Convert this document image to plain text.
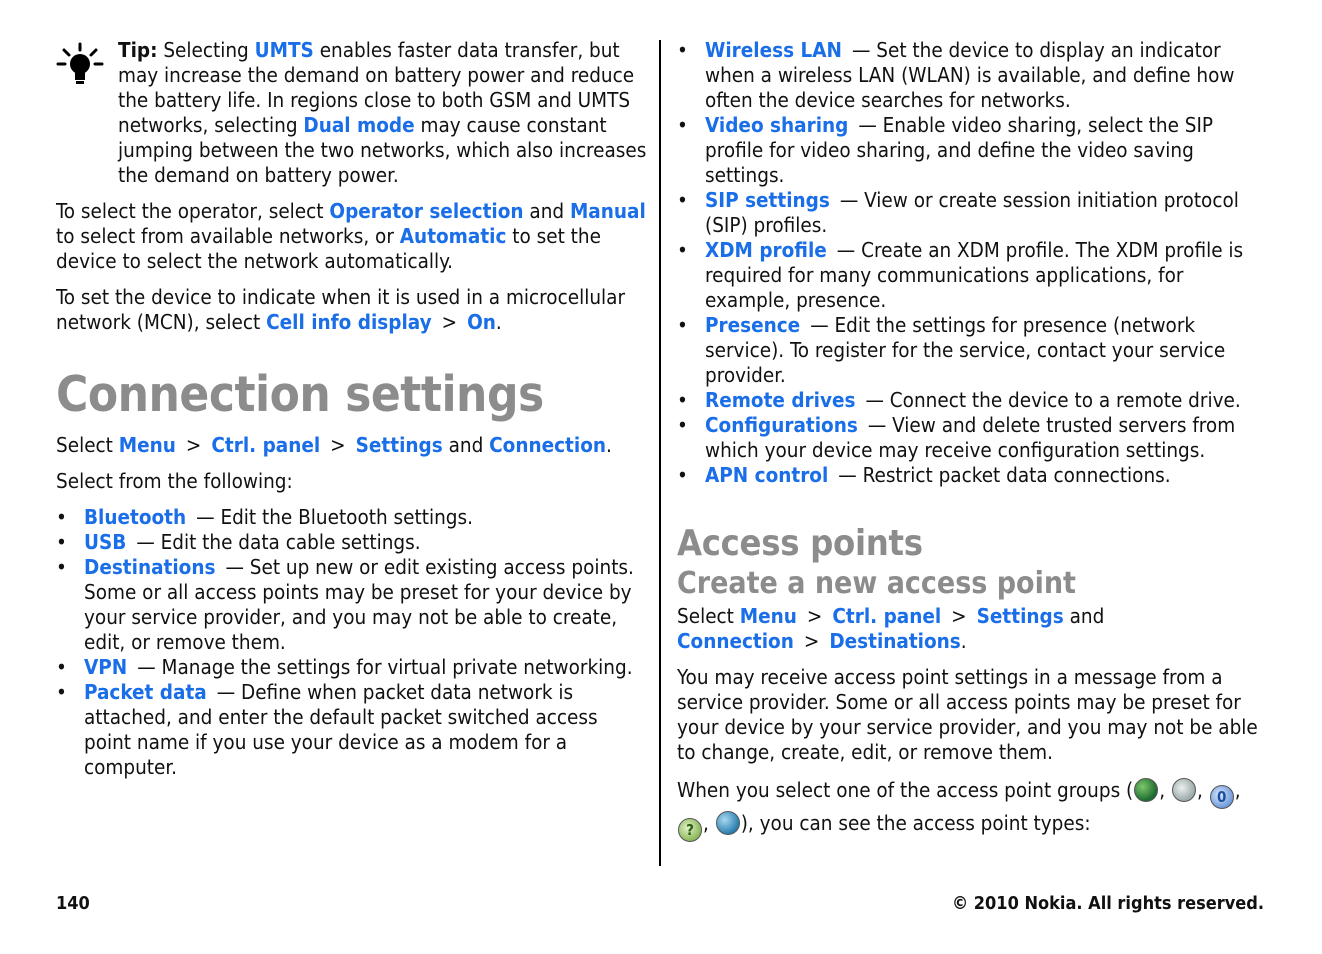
Tip: Selecting UMTS enables faster data transfer, but may increase the demand on battery power and reduce the battery life. In regions close to both GSM and UMTS networks, selecting Dual mode may cause constant jumping between the two networks, which also increases the demand on battery power.

To select the operator, select Operator selection and Manual to select from available networks, or Automatic to set the device to select the network automatically.

To set the device to indicate when it is used in a microcellular network (MCN), select Cell info display > On.

Connection settings

Select Menu > Ctrl. panel > Settings and Connection.

Select from the following:

• Bluetooth — Edit the Bluetooth settings.
• USB — Edit the data cable settings.
• Destinations — Set up new or edit existing access points. Some or all access points may be preset for your device by your service provider, and you may not be able to create, edit, or remove them.
• VPN — Manage the settings for virtual private networking.
• Packet data — Define when packet data network is attached, and enter the default packet switched access point name if you use your device as a modem for a computer.
• Wireless LAN — Set the device to display an indicator when a wireless LAN (WLAN) is available, and define how often the device searches for networks.
• Video sharing — Enable video sharing, select the SIP profile for video sharing, and define the video saving settings.
• SIP settings — View or create session initiation protocol (SIP) profiles.
• XDM profile — Create an XDM profile. The XDM profile is required for many communications applications, for example, presence.
• Presence — Edit the settings for presence (network service). To register for the service, contact your service provider.
• Remote drives — Connect the device to a remote drive.
• Configurations — View and delete trusted servers from which your device may receive configuration settings.
• APN control — Restrict packet data connections.
Access points
Create a new access point

Select Menu > Ctrl. panel > Settings and Connection > Destinations.

You may receive access point settings in a message from a service provider. Some or all access points may be preset for your device by your service provider, and you may not be able to change, create, edit, or remove them.

When you select one of the access point groups ( , , 0 ,
? , ), you can see the access point types:

140	© 2010 Nokia. All rights reserved.
